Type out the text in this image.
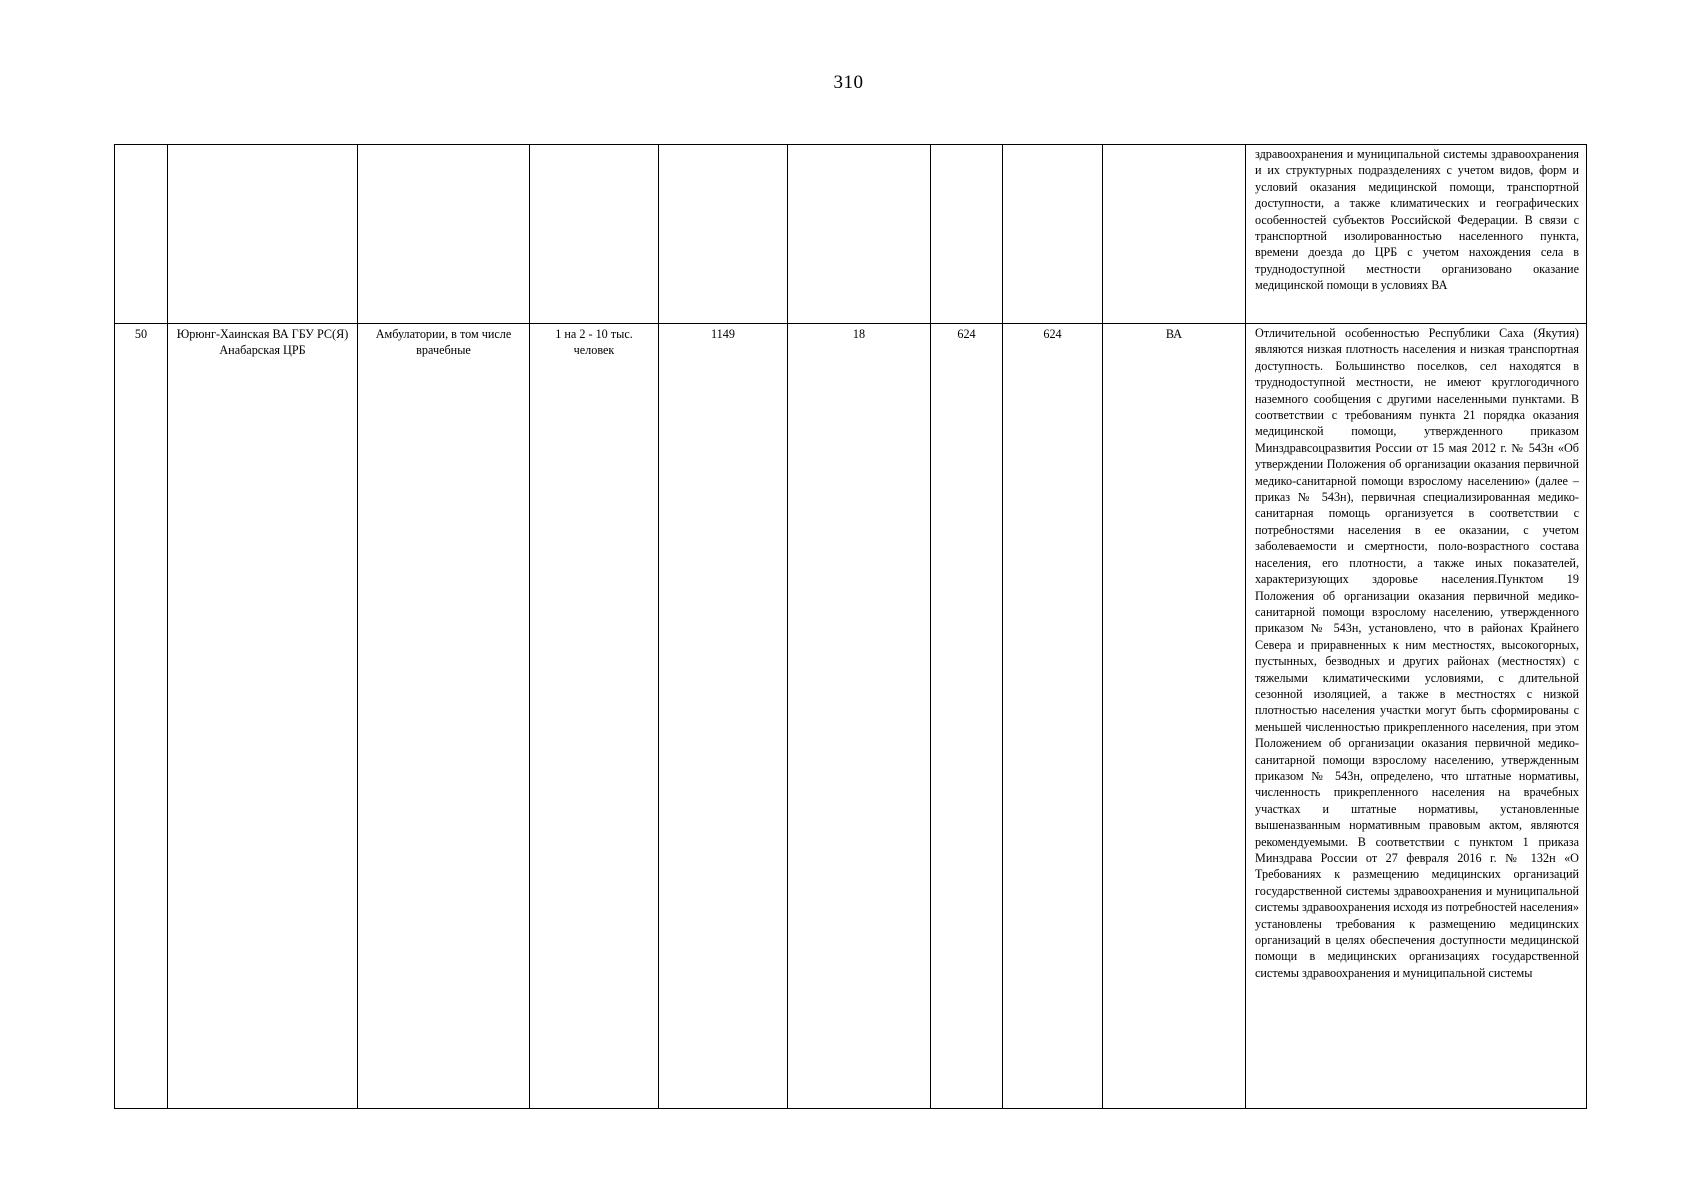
310

									здравоохранения и муниципальной системы здравоохранения и их структурных подразделениях с учетом видов, форм и условий оказания медицинской помощи, транспортной доступности, а также климатических и географических особенностей субъектов Российской Федерации. В связи с транспортной изолированностью населенного пункта, времени доезда до ЦРБ с учетом нахождения села в труднодоступной местности организовано оказание медицинской помощи в условиях ВА

50	Юрюнг-Хаинская ВА ГБУ РС(Я) Анабарская ЦРБ	Амбулатории, в том числе врачебные	1 на 2 - 10 тыс. человек	1149	18	624	624	ВА	Отличительной особенностью Республики Саха (Якутия) являются низкая плотность населения и низкая транспортная доступность. Большинство поселков, сел находятся в труднодоступной местности, не имеют круглогодичного наземного сообщения с другими населенными пунктами. В соответствии с требованиям пункта 21 порядка оказания медицинской помощи, утвержденного приказом Минздравсоцразвития России от 15 мая 2012 г. № 543н «Об утверждении Положения об организации оказания первичной медико-санитарной помощи взрослому населению» (далее – приказ № 543н), первичная специализированная медико-санитарная помощь организуется в соответствии с потребностями населения в ее оказании, с учетом заболеваемости и смертности, поло-возрастного состава населения, его плотности, а также иных показателей, характеризующих здоровье населения.Пунктом 19 Положения об организации оказания первичной медико-санитарной помощи взрослому населению, утвержденного приказом № 543н, установлено, что в районах Крайнего Севера и приравненных к ним местностях, высокогорных, пустынных, безводных и других районах (местностях) с тяжелыми климатическими условиями, с длительной сезонной изоляцией, а также в местностях с низкой плотностью населения участки могут быть сформированы с меньшей численностью прикрепленного населения, при этом Положением об организации оказания первичной медико-санитарной помощи взрослому населению, утвержденным приказом № 543н, определено, что штатные нормативы, численность прикрепленного населения на врачебных участках и штатные нормативы, установленные вышеназванным нормативным правовым актом, являются рекомендуемыми. В соответствии с пунктом 1 приказа Минздрава России от 27 февраля 2016 г. № 132н «О Требованиях к размещению медицинских организаций государственной системы здравоохранения и муниципальной системы здравоохранения исходя из потребностей населения» установлены требования к размещению медицинских организаций в целях обеспечения доступности медицинской помощи в медицинских организациях государственной системы здравоохранения и муниципальной системы
